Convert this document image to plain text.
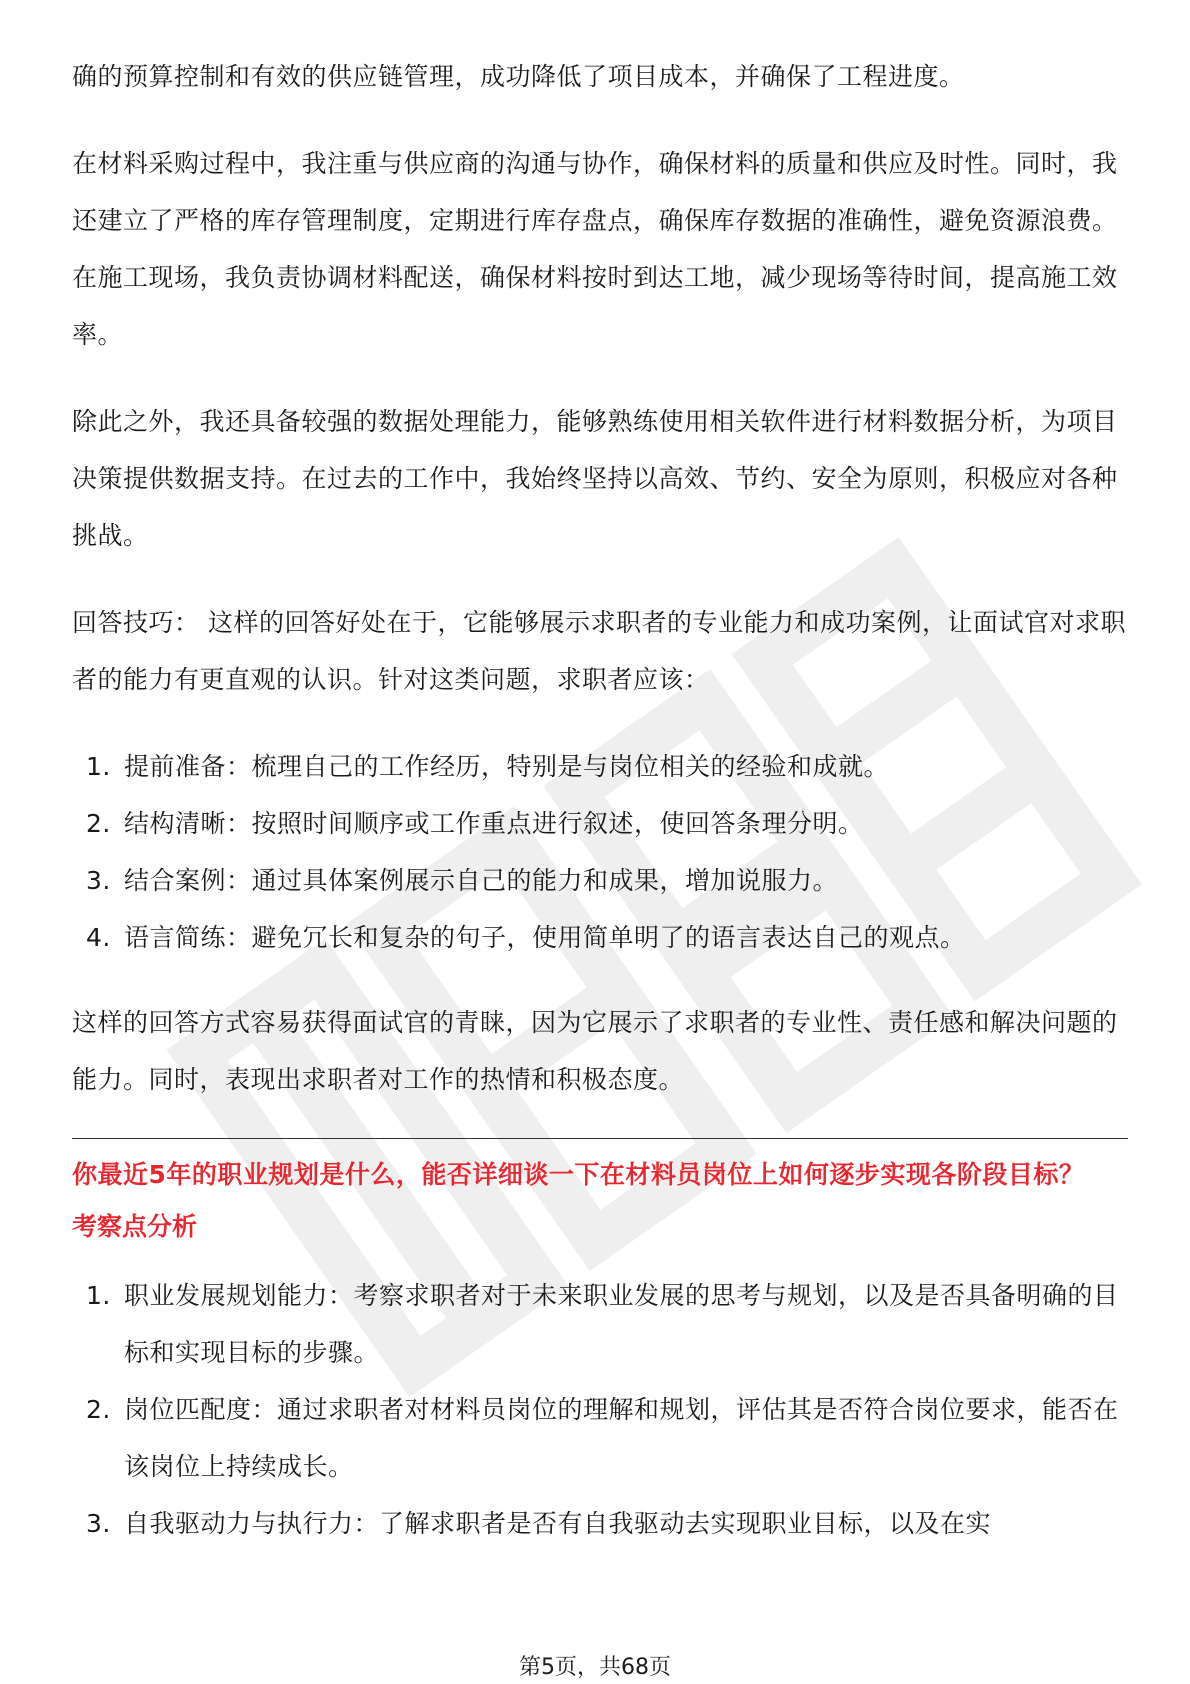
确的预算控制和有效的供应链管理，成功降低了项目成本，并确保了工程进度。

在材料采购过程中，我注重与供应商的沟通与协作，确保材料的质量和供应及时性。同时，我还建立了严格的库存管理制度，定期进行库存盘点，确保库存数据的准确性，避免资源浪费。在施工现场，我负责协调材料配送，确保材料按时到达工地，减少现场等待时间，提高施工效率。

除此之外，我还具备较强的数据处理能力，能够熟练使用相关软件进行材料数据分析，为项目决策提供数据支持。在过去的工作中，我始终坚持以高效、节约、安全为原则，积极应对各种挑战。

回答技巧： 这样的回答好处在于，它能够展示求职者的专业能力和成功案例，让面试官对求职者的能力有更直观的认识。针对这类问题，求职者应该：

1. 提前准备：梳理自己的工作经历，特别是与岗位相关的经验和成就。
2. 结构清晰：按照时间顺序或工作重点进行叙述，使回答条理分明。
3. 结合案例：通过具体案例展示自己的能力和成果，增加说服力。
4. 语言简练：避免冗长和复杂的句子，使用简单明了的语言表达自己的观点。

这样的回答方式容易获得面试官的青睐，因为它展示了求职者的专业性、责任感和解决问题的能力。同时，表现出求职者对工作的热情和积极态度。

你最近5年的职业规划是什么，能否详细谈一下在材料员岗位上如何逐步实现各阶段目标？
考察点分析
1. 职业发展规划能力：考察求职者对于未来职业发展的思考与规划，以及是否具备明确的目标和实现目标的步骤。
2. 岗位匹配度：通过求职者对材料员岗位的理解和规划，评估其是否符合岗位要求，能否在该岗位上持续成长。
3. 自我驱动力与执行力：了解求职者是否有自我驱动去实现职业目标，以及在实
第5页，共68页
